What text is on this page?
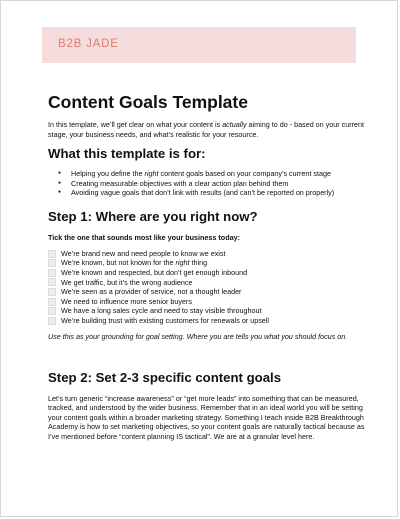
B2B JADE
Content Goals Template

In this template, we’ll get clear on what your content is actually aiming to do - based on your current stage, your business needs, and what’s realistic for your resource.

What this template is for:
● Helping you define the right content goals based on your company’s current stage
● Creating measurable objectives with a clear action plan behind them
● Avoiding vague goals that don’t link with results (and can’t be reported on properly)
Step 1: Where are you right now?

Tick the one that sounds most like your business today:

We’re brand new and need people to know we exist
We’re known, but not known for the right thing
We’re known and respected, but don’t get enough inbound
We get traffic, but it’s the wrong audience
We’re seen as a provider of service, not a thought leader
We need to influence more senior buyers
We have a long sales cycle and need to stay visible throughout
We’re building trust with existing customers for renewals or upsell

Use this as your grounding for goal setting. Where you are tells you what you should focus on.

Step 2: Set 2-3 specific content goals

Let’s turn generic “increase awareness” or “get more leads” into something that can be measured, tracked, and understood by the wider business. Remember that in an ideal world you will be setting your content goals within a broader marketing strategy. Something I teach inside B2B Breakthrough Academy is how to set marketing objectives, so your content goals are naturally tactical because as I’ve mentioned before “content planning IS tactical”. We are at a granular level here.
